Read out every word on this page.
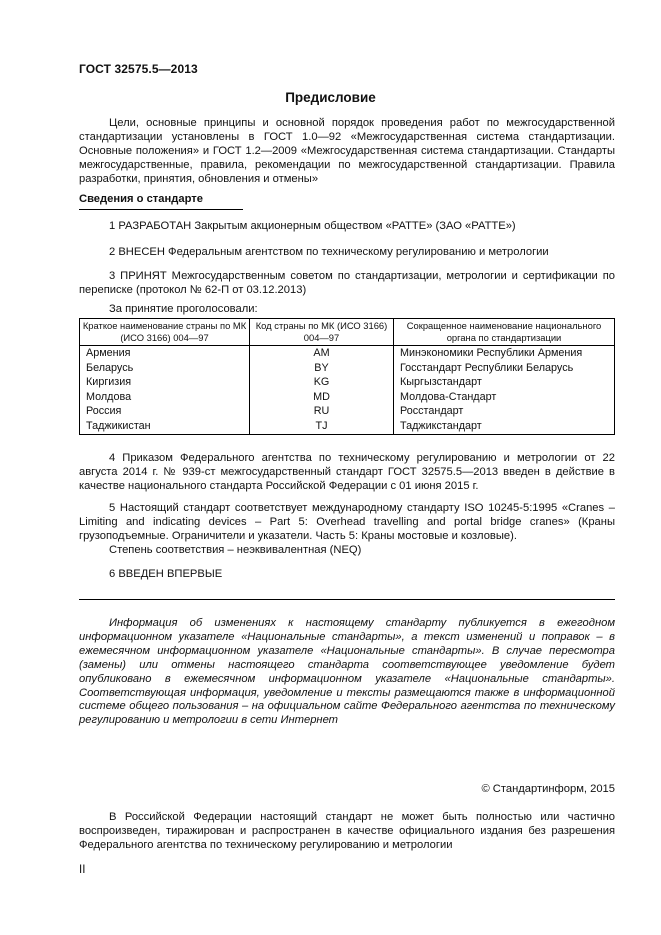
ГОСТ 32575.5—2013
Предисловие
Цели, основные принципы и основной порядок проведения работ по межгосударственной стандартизации установлены в ГОСТ 1.0—92 «Межгосударственная система стандартизации. Основные положения» и ГОСТ 1.2—2009 «Межгосударственная система стандартизации. Стандарты межгосударственные, правила, рекомендации по межгосударственной стандартизации. Правила разработки, принятия, обновления и отмены»
Сведения о стандарте
1 РАЗРАБОТАН Закрытым акционерным обществом «РАТТЕ» (ЗАО «РАТТЕ»)
2 ВНЕСЕН Федеральным агентством по техническому регулированию и метрологии
3 ПРИНЯТ Межгосударственным советом по стандартизации, метрологии и сертификации по переписке (протокол № 62-П от 03.12.2013)
За принятие проголосовали:
Краткое наименование страны по МК (ИСО 3166) 004—97	Код страны по МК (ИСО 3166) 004—97	Сокращенное наименование национального органа по стандартизации
Армения	AM	Минэкономики Республики Армения
Беларусь	BY	Госстандарт Республики Беларусь
Киргизия	KG	Кыргызстандарт
Молдова	MD	Молдова-Стандарт
Россия	RU	Росстандарт
Таджикистан	TJ	Таджикстандарт
4 Приказом Федерального агентства по техническому регулированию и метрологии от 22 августа 2014 г. № 939-ст межгосударственный стандарт ГОСТ 32575.5—2013 введен в действие в качестве национального стандарта Российской Федерации с 01 июня 2015 г.
5 Настоящий стандарт соответствует международному стандарту ISO 10245-5:1995 «Cranes – Limiting and indicating devices – Part 5: Overhead travelling and portal bridge cranes» (Краны грузоподъемные. Ограничители и указатели. Часть 5: Краны мостовые и козловые).
Степень соответствия – неэквивалентная (NEQ)
6 ВВЕДЕН ВПЕРВЫЕ
Информация об изменениях к настоящему стандарту публикуется в ежегодном информационном указателе «Национальные стандарты», а текст изменений и поправок – в ежемесячном информационном указателе «Национальные стандарты». В случае пересмотра (замены) или отмены настоящего стандарта соответствующее уведомление будет опубликовано в ежемесячном информационном указателе «Национальные стандарты». Соответствующая информация, уведомление и тексты размещаются также в информационной системе общего пользования – на официальном сайте Федерального агентства по техническому регулированию и метрологии в сети Интернет
© Стандартинформ, 2015
В Российской Федерации настоящий стандарт не может быть полностью или частично воспроизведен, тиражирован и распространен в качестве официального издания без разрешения Федерального агентства по техническому регулированию и метрологии
II
